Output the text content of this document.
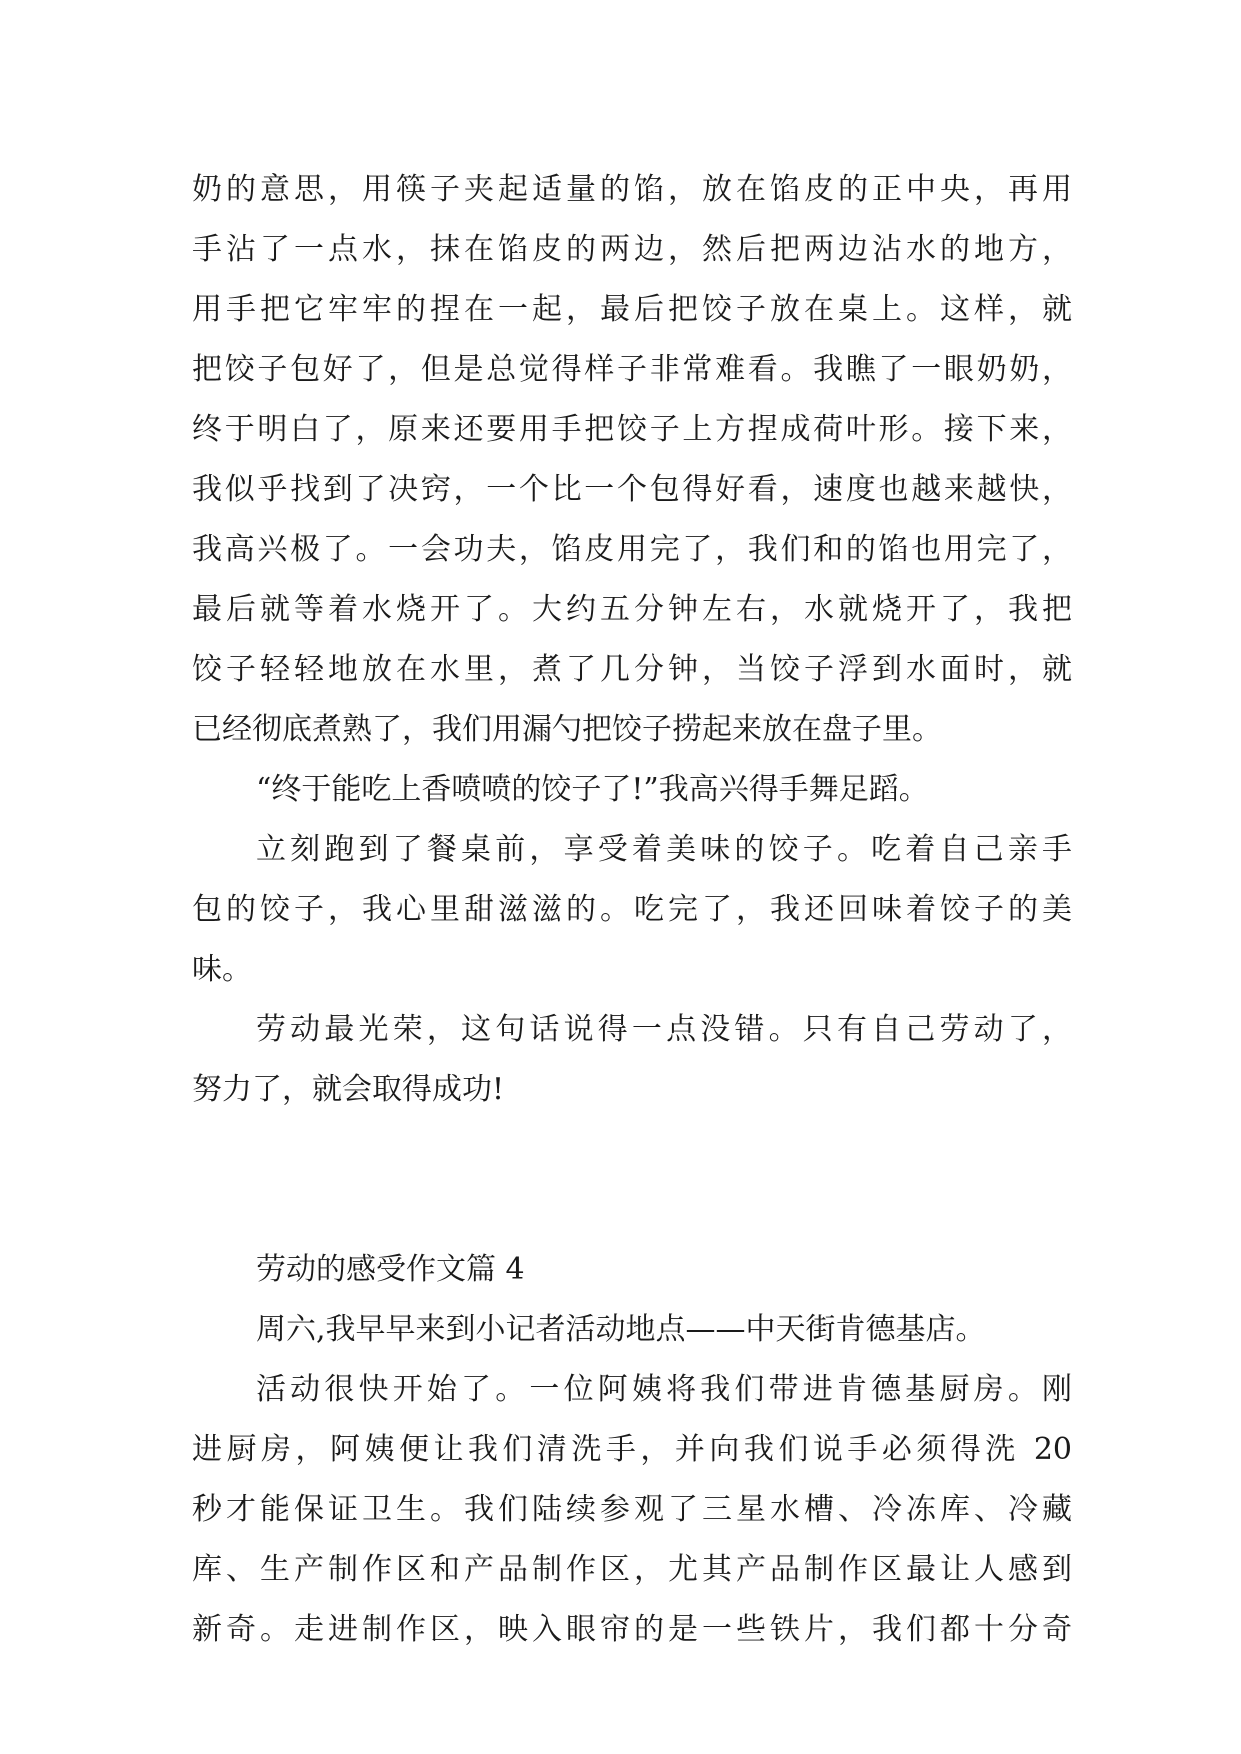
奶的意思，用筷子夹起适量的馅，放在馅皮的正中央，再用
手沾了一点水，抹在馅皮的两边，然后把两边沾水的地方，
用手把它牢牢的捏在一起，最后把饺子放在桌上。这样，就
把饺子包好了，但是总觉得样子非常难看。我瞧了一眼奶奶，
终于明白了，原来还要用手把饺子上方捏成荷叶形。接下来，
我似乎找到了决窍，一个比一个包得好看，速度也越来越快，
我高兴极了。一会功夫，馅皮用完了，我们和的馅也用完了，
最后就等着水烧开了。大约五分钟左右，水就烧开了，我把
饺子轻轻地放在水里，煮了几分钟，当饺子浮到水面时，就
已经彻底煮熟了，我们用漏勺把饺子捞起来放在盘子里。
“终于能吃上香喷喷的饺子了!”我高兴得手舞足蹈。
立刻跑到了餐桌前，享受着美味的饺子。吃着自己亲手
包的饺子，我心里甜滋滋的。吃完了，我还回味着饺子的美
味。
劳动最光荣，这句话说得一点没错。只有自己劳动了，
努力了，就会取得成功!
劳动的感受作文篇 4
周六,我早早来到小记者活动地点——中天街肯德基店。
活动很快开始了。一位阿姨将我们带进肯德基厨房。刚
进厨房，阿姨便让我们清洗手，并向我们说手必须得洗 20
秒才能保证卫生。我们陆续参观了三星水槽、冷冻库、冷藏
库、生产制作区和产品制作区，尤其产品制作区最让人感到
新奇。走进制作区，映入眼帘的是一些铁片，我们都十分奇
